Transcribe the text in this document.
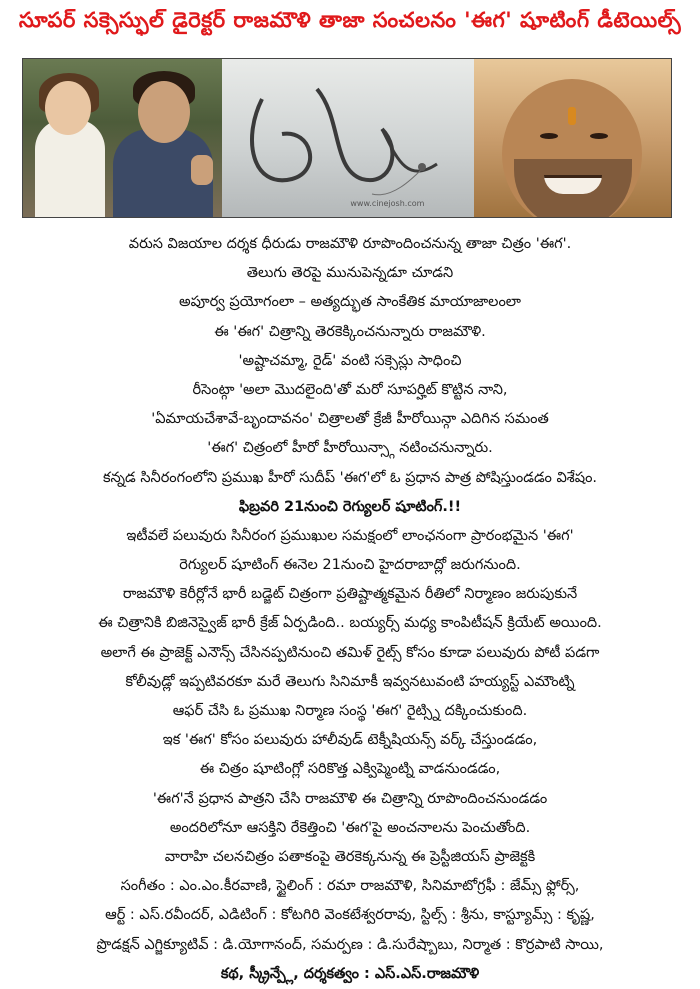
సూపర్ సక్సెస్ఫుల్ డైరెక్టర్ రాజమౌళి తాజా సంచలనం 'ఈగ' షూటింగ్ డీటెయిల్స్
www.cinejosh.com
వరుస విజయాల దర్శక ధీరుడు రాజమౌళి రూపొందించనున్న తాజా చిత్రం 'ఈగ'.
తెలుగు తెరపై మునుపెన్నడూ చూడని
అపూర్వ ప్రయోగంలా – అత్యద్భుత సాంకేతిక మాయాజాలంలా
ఈ 'ఈగ' చిత్రాన్ని తెరకెక్కించనున్నారు రాజమౌళి.
'అష్టాచమ్మా, రైడ్' వంటి సక్సెస్లు సాధించి
రీసెంట్గా 'అలా మొదలైంది'తో మరో సూపర్హిట్ కొట్టిన నాని,
'ఏమాయచేశావే-బృందావనం' చిత్రాలతో క్రేజీ హీరోయిన్గా ఎదిగిన సమంత
'ఈగ' చిత్రంలో హీరో హీరోయిన్స్గా నటించనున్నారు.
కన్నడ సినీరంగంలోని ప్రముఖ హీరో సుదీప్ 'ఈగ'లో ఓ ప్రధాన పాత్ర పోషిస్తుండడం విశేషం.
ఫిబ్రవరి 21నుంచి రెగ్యులర్ షూటింగ్.!!
ఇటీవలే పలువురు సినీరంగ ప్రముఖుల సమక్షంలో లాంఛనంగా ప్రారంభమైన 'ఈగ'
రెగ్యులర్ షూటింగ్ ఈనెల 21నుంచి హైదరాబాద్లో జరుగనుంది.
రాజమౌళి కెరీర్లోనే భారీ బడ్జెట్ చిత్రంగా ప్రతిష్టాత్మకమైన రీతిలో నిర్మాణం జరుపుకునే
ఈ చిత్రానికి బిజినెస్వైజ్ భారీ క్రేజ్ ఏర్పడింది.. బయ్యర్స్ మధ్య కాంపిటీషన్ క్రియేట్ అయింది.
అలాగే ఈ ప్రాజెక్ట్ ఎనౌన్స్ చేసినప్పటినుంచి తమిళ్ రైట్స్ కోసం కూడా పలువురు పోటీ పడగా
కోలీవుడ్లో ఇప్పటివరకూ మరే తెలుగు సినిమాకీ ఇవ్వనటువంటి హయ్యస్ట్ ఎమౌంట్ని
ఆఫర్ చేసి ఓ ప్రముఖ నిర్మాణ సంస్థ 'ఈగ' రైట్స్ని దక్కించుకుంది.
ఇక 'ఈగ' కోసం పలువురు హాలీవుడ్ టెక్నీషియన్స్ వర్క్ చేస్తుండడం,
ఈ చిత్రం షూటింగ్లో సరికొత్త ఎక్విప్మెంట్ని వాడనుండడం,
'ఈగ'నే ప్రధాన పాత్రని చేసి రాజమౌళి ఈ చిత్రాన్ని రూపొందించనుండడం
అందరిలోనూ ఆసక్తిని రేకెత్తించి 'ఈగ'పై అంచనాలను పెంచుతోంది.
వారాహి చలనచిత్రం పతాకంపై తెరకెక్కనున్న ఈ ప్రెస్టీజియస్ ప్రాజెక్టకి
సంగీతం : ఎం.ఎం.కీరవాణి, స్టైలింగ్ : రమా రాజమౌళి, సినిమాటోగ్రఫీ : జేమ్స్ ఫ్లోర్స్,
ఆర్ట్ : ఎస్.రవీందర్, ఎడిటింగ్ : కోటగిరి వెంకటేశ్వరరావు, స్టిల్స్ : శ్రీను, కాస్ట్యూమ్స్ : కృష్ణ,
ప్రొడక్షన్ ఎగ్జిక్యూటివ్ : డి.యోగానంద్, సమర్పణ : డి.సురేష్బాబు, నిర్మాత : కొర్రపాటి సాయి,
కథ, స్క్రీన్ప్లే, దర్శకత్వం : ఎస్.ఎస్.రాజమౌళి
